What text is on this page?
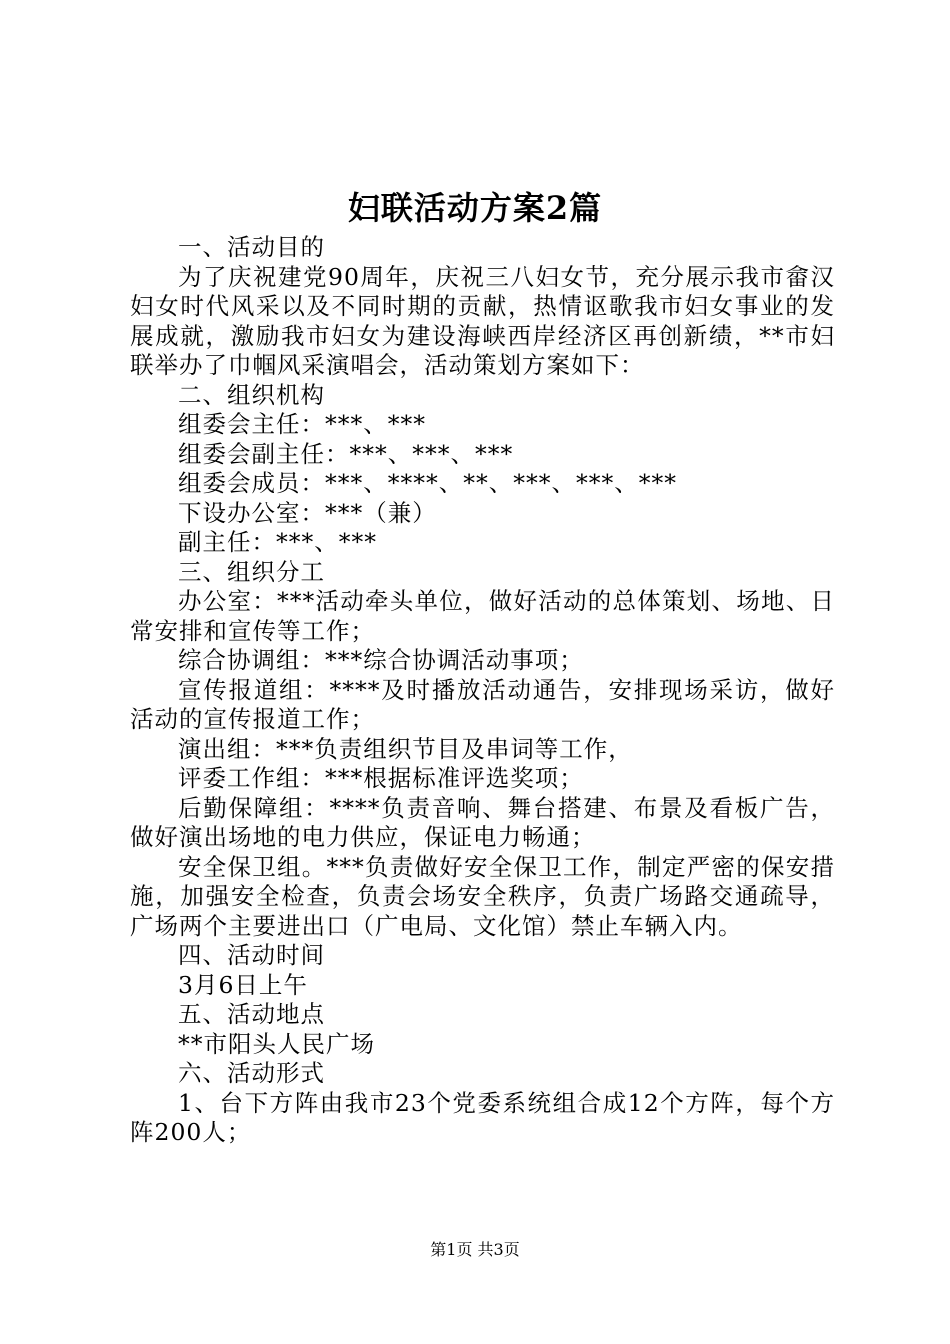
妇联活动方案2篇

一、活动目的

为了庆祝建党90周年，庆祝三八妇女节，充分展示我市畲汉妇女时代风采以及不同时期的贡献，热情讴歌我市妇女事业的发展成就，激励我市妇女为建设海峡西岸经济区再创新绩，**市妇联举办了巾帼风采演唱会，活动策划方案如下：

二、组织机构

组委会主任：***、***

组委会副主任：***、***、***

组委会成员：***、****、**、***、***、***

下设办公室：***（兼）

副主任：***、***

三、组织分工

办公室：***活动牵头单位，做好活动的总体策划、场地、日常安排和宣传等工作；

综合协调组：***综合协调活动事项；

宣传报道组：****及时播放活动通告，安排现场采访，做好活动的宣传报道工作；

演出组：***负责组织节目及串词等工作，

评委工作组：***根据标准评选奖项；

后勤保障组：****负责音响、舞台搭建、布景及看板广告，做好演出场地的电力供应，保证电力畅通；

安全保卫组。***负责做好安全保卫工作，制定严密的保安措施，加强安全检查，负责会场安全秩序，负责广场路交通疏导，广场两个主要进出口（广电局、文化馆）禁止车辆入内。

四、活动时间

3月6日上午

五、活动地点

**市阳头人民广场

六、活动形式

1、台下方阵由我市23个党委系统组合成12个方阵，每个方阵200人；

第1页 共3页
